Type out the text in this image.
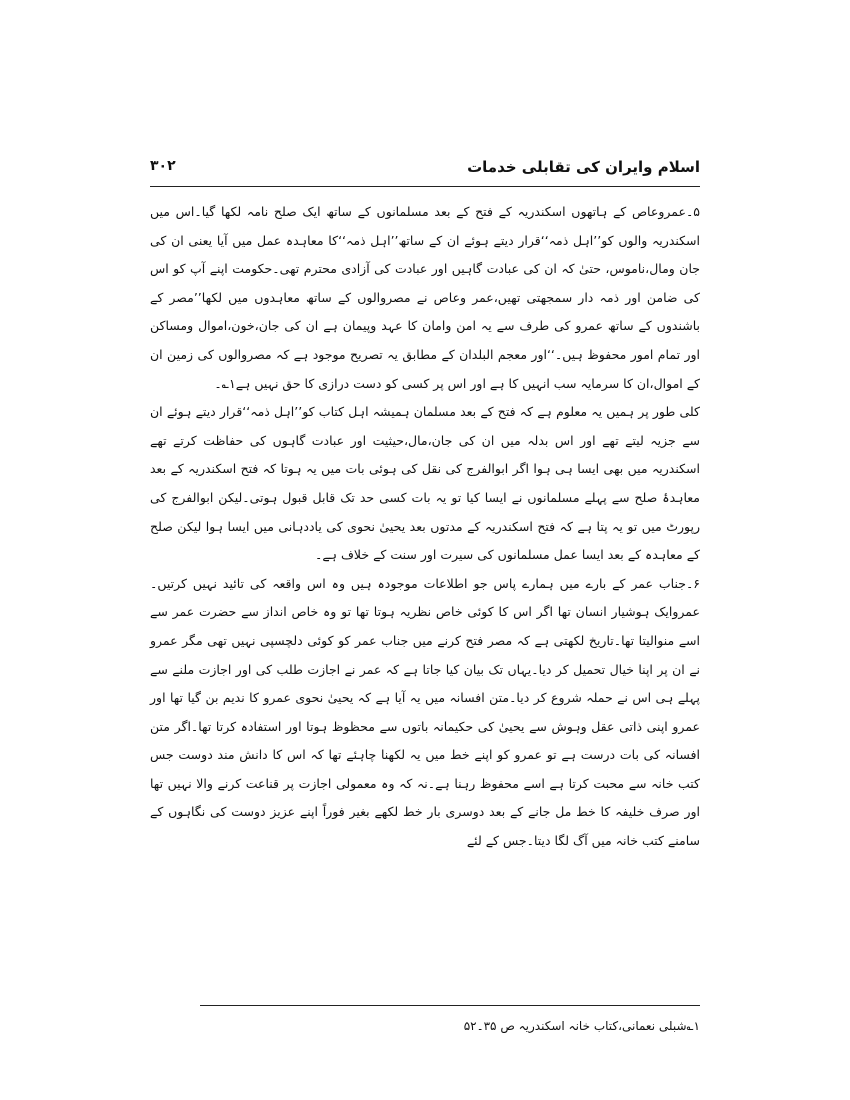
اسلام وایران کی تقابلی خدمات
۳۰۲

۵۔عمروعاص کے ہاتھوں اسکندریہ کے فتح کے بعد مسلمانوں کے ساتھ ایک صلح نامہ لکھا گیا۔اس میں اسکندریہ والوں کو’’اہل ذمہ‘‘قرار دیتے ہوئے ان کے ساتھ’’اہل ذمہ‘‘کا معاہدہ عمل میں آیا یعنی ان کی جان ومال،ناموس، حتیٰ کہ ان کی عبادت گاہیں اور عبادت کی آزادی محترم تھی۔حکومت اپنے آپ کو اس کی ضامن اور ذمہ دار سمجھتی تھیں،عمر وعاص نے مصروالوں کے ساتھ معاہدوں میں لکھا’’مصر کے باشندوں کے ساتھ عمرو کی طرف سے یہ امن وامان کا عہد وپیمان ہے ان کی جان،خون،اموال ومساکن اور تمام امور محفوظ ہیں۔‘‘اور معجم البلدان کے مطابق یہ تصریح موجود ہے کہ مصروالوں کی زمین ان کے اموال،ان کا سرمایہ سب انہیں کا ہے اور اس پر کسی کو دست درازی کا حق نہیں ہے۱؎۔

کلی طور پر ہمیں یہ معلوم ہے کہ فتح کے بعد مسلمان ہمیشہ اہل کتاب کو’’اہل ذمہ‘‘قرار دیتے ہوئے ان سے جزیہ لیتے تھے اور اس بدلہ میں ان کی جان،مال،حیثیت اور عبادت گاہوں کی حفاظت کرتے تھے اسکندریہ میں بھی ایسا ہی ہوا اگر ابوالفرج کی نقل کی ہوئی بات میں یہ ہوتا کہ فتح اسکندریہ کے بعد معاہدۂ صلح سے پہلے مسلمانوں نے ایسا کیا تو یہ بات کسی حد تک قابل قبول ہوتی۔لیکن ابوالفرج کی رپورٹ میں تو یہ پتا ہے کہ فتح اسکندریہ کے مدتوں بعد یحییٰ نحوی کی یاددہانی میں ایسا ہوا لیکن صلح کے معاہدہ کے بعد ایسا عمل مسلمانوں کی سیرت اور سنت کے خلاف ہے۔

۶۔جناب عمر کے بارے میں ہمارے پاس جو اطلاعات موجودہ ہیں وہ اس واقعہ کی تائید نہیں کرتیں۔عمروایک ہوشیار انسان تھا اگر اس کا کوئی خاص نظریہ ہوتا تھا تو وہ خاص انداز سے حضرت عمر سے اسے منوالیتا تھا۔تاریخ لکھتی ہے کہ مصر فتح کرنے میں جناب عمر کو کوئی دلچسپی نہیں تھی مگر عمرو نے ان پر اپنا خیال تحمیل کر دیا۔یہاں تک بیان کیا جاتا ہے کہ عمر نے اجازت طلب کی اور اجازت ملنے سے پہلے ہی اس نے حملہ شروع کر دیا۔متن افسانہ میں یہ آیا ہے کہ یحییٰ نحوی عمرو کا ندیم بن گیا تھا اور عمرو اپنی ذاتی عقل وہوش سے یحییٰ کی حکیمانہ باتوں سے محظوظ ہوتا اور استفادہ کرتا تھا۔اگر متن افسانہ کی بات درست ہے تو عمرو کو اپنے خط میں یہ لکھنا چاہئے تھا کہ اس کا دانش مند دوست جس کتب خانہ سے محبت کرتا ہے اسے محفوظ رہنا ہے۔نہ کہ وہ معمولی اجازت پر قناعت کرنے والا نہیں تھا اور صرف خلیفہ کا خط مل جانے کے بعد دوسری بار خط لکھے بغیر فوراً اپنے عزیز دوست کی نگاہوں کے سامنے کتب خانہ میں آگ لگا دیتا۔جس کے لئے

۱؎شبلی نعمانی،کتاب خانہ اسکندریہ ص ۳۵۔۵۲
